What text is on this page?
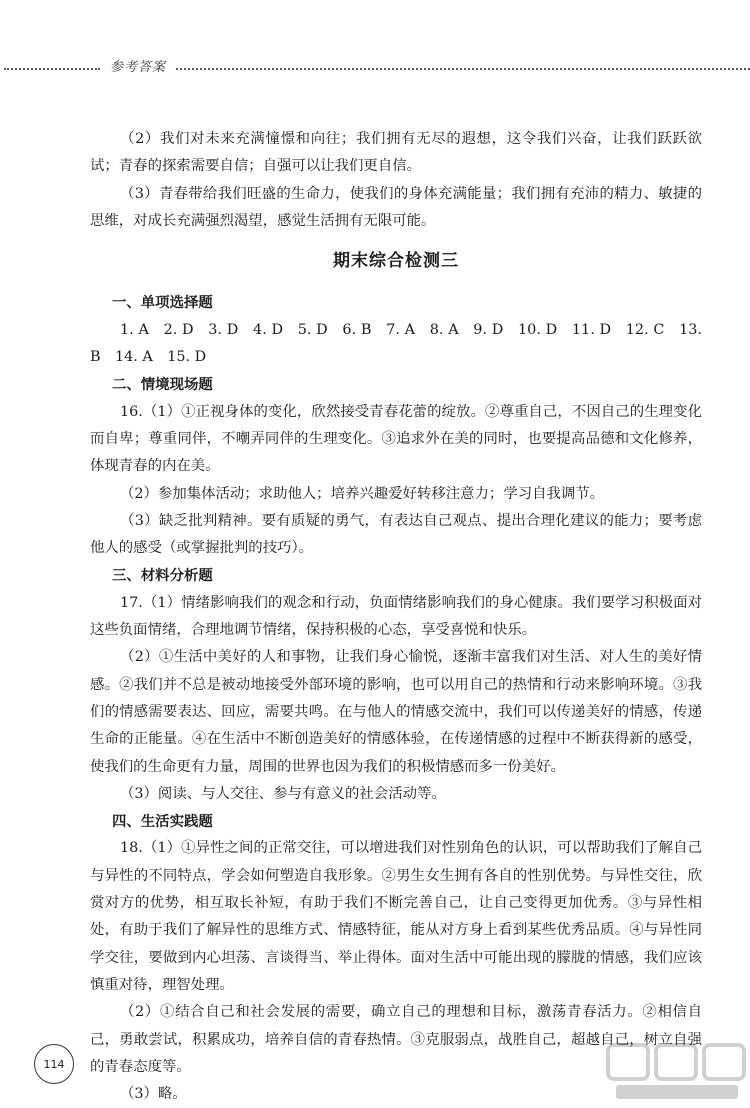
参考答案

（2）我们对未来充满憧憬和向往；我们拥有无尽的遐想，这令我们兴奋，让我们跃跃欲试；青春的探索需要自信；自强可以让我们更自信。

（3）青春带给我们旺盛的生命力，使我们的身体充满能量；我们拥有充沛的精力、敏捷的思维，对成长充满强烈渴望，感觉生活拥有无限可能。

期末综合检测三

一、单项选择题

1. A　2. D　3. D　4. D　5. D　6. B　7. A　8. A　9. D　10. D　11. D　12. C　13. B　14. A　15. D

二、情境现场题

16.（1）①正视身体的变化，欣然接受青春花蕾的绽放。②尊重自己，不因自己的生理变化而自卑；尊重同伴，不嘲弄同伴的生理变化。③追求外在美的同时，也要提高品德和文化修养，体现青春的内在美。

（2）参加集体活动；求助他人；培养兴趣爱好转移注意力；学习自我调节。

（3）缺乏批判精神。要有质疑的勇气，有表达自己观点、提出合理化建议的能力；要考虑他人的感受（或掌握批判的技巧）。

三、材料分析题

17.（1）情绪影响我们的观念和行动，负面情绪影响我们的身心健康。我们要学习积极面对这些负面情绪，合理地调节情绪，保持积极的心态，享受喜悦和快乐。

（2）①生活中美好的人和事物，让我们身心愉悦，逐渐丰富我们对生活、对人生的美好情感。②我们并不总是被动地接受外部环境的影响，也可以用自己的热情和行动来影响环境。③我们的情感需要表达、回应，需要共鸣。在与他人的情感交流中，我们可以传递美好的情感，传递生命的正能量。④在生活中不断创造美好的情感体验，在传递情感的过程中不断获得新的感受，使我们的生命更有力量，周围的世界也因为我们的积极情感而多一份美好。

（3）阅读、与人交往、参与有意义的社会活动等。

四、生活实践题

18.（1）①异性之间的正常交往，可以增进我们对性别角色的认识，可以帮助我们了解自己与异性的不同特点，学会如何塑造自我形象。②男生女生拥有各自的性别优势。与异性交往，欣赏对方的优势，相互取长补短，有助于我们不断完善自己，让自己变得更加优秀。③与异性相处，有助于我们了解异性的思维方式、情感特征，能从对方身上看到某些优秀品质。④与异性同学交往，要做到内心坦荡、言谈得当、举止得体。面对生活中可能出现的朦胧的情感，我们应该慎重对待，理智处理。

（2）①结合自己和社会发展的需要，确立自己的理想和目标，激荡青春活力。②相信自己，勇敢尝试，积累成功，培养自信的青春热情。③克服弱点，战胜自己，超越自己，树立自强的青春态度等。

（3）略。

114
